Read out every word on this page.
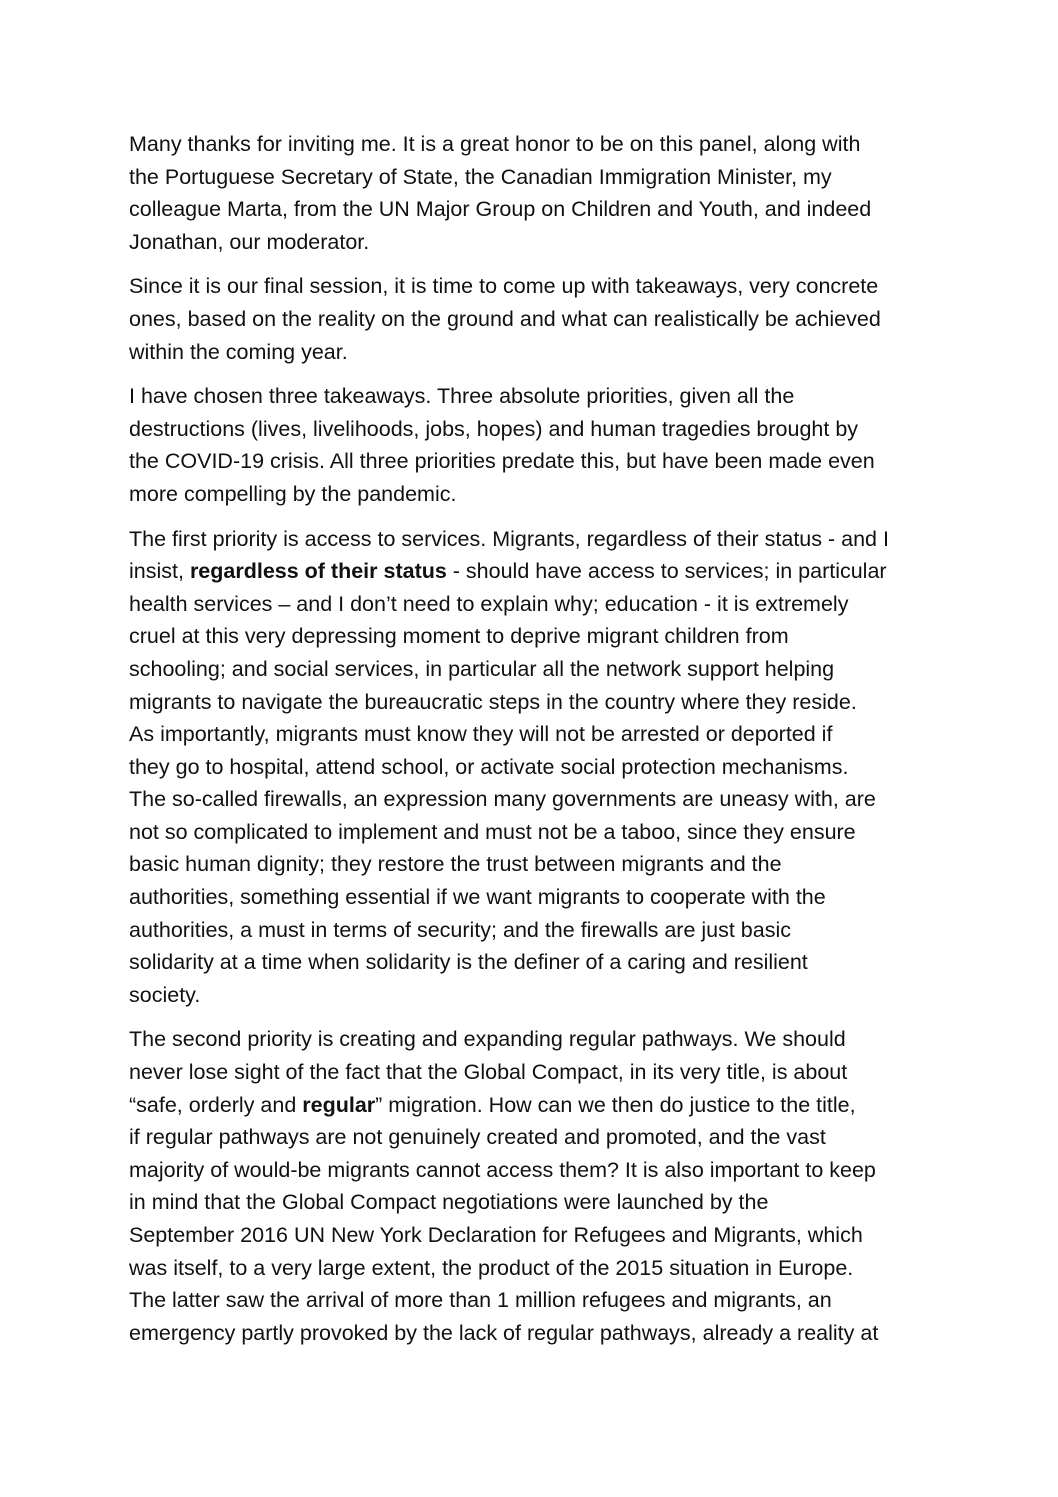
Many thanks for inviting me. It is a great honor to be on this panel, along with
the Portuguese Secretary of State, the Canadian Immigration Minister, my
colleague Marta, from the UN Major Group on Children and Youth, and indeed
Jonathan, our moderator.

Since it is our final session, it is time to come up with takeaways, very concrete
ones, based on the reality on the ground and what can realistically be achieved
within the coming year.

I have chosen three takeaways. Three absolute priorities, given all the
destructions (lives, livelihoods, jobs, hopes) and human tragedies brought by
the COVID-19 crisis. All three priorities predate this, but have been made even
more compelling by the pandemic.

The first priority is access to services. Migrants, regardless of their status - and I
insist, regardless of their status - should have access to services; in particular
health services – and I don’t need to explain why; education - it is extremely
cruel at this very depressing moment to deprive migrant children from
schooling; and social services, in particular all the network support helping
migrants to navigate the bureaucratic steps in the country where they reside.
As importantly, migrants must know they will not be arrested or deported if
they go to hospital, attend school, or activate social protection mechanisms.
The so-called firewalls, an expression many governments are uneasy with, are
not so complicated to implement and must not be a taboo, since they ensure
basic human dignity; they restore the trust between migrants and the
authorities, something essential if we want migrants to cooperate with the
authorities, a must in terms of security; and the firewalls are just basic
solidarity at a time when solidarity is the definer of a caring and resilient
society.

The second priority is creating and expanding regular pathways. We should
never lose sight of the fact that the Global Compact, in its very title, is about
“safe, orderly and regular” migration. How can we then do justice to the title,
if regular pathways are not genuinely created and promoted, and the vast
majority of would-be migrants cannot access them? It is also important to keep
in mind that the Global Compact negotiations were launched by the
September 2016 UN New York Declaration for Refugees and Migrants, which
was itself, to a very large extent, the product of the 2015 situation in Europe.
The latter saw the arrival of more than 1 million refugees and migrants, an
emergency partly provoked by the lack of regular pathways, already a reality at
